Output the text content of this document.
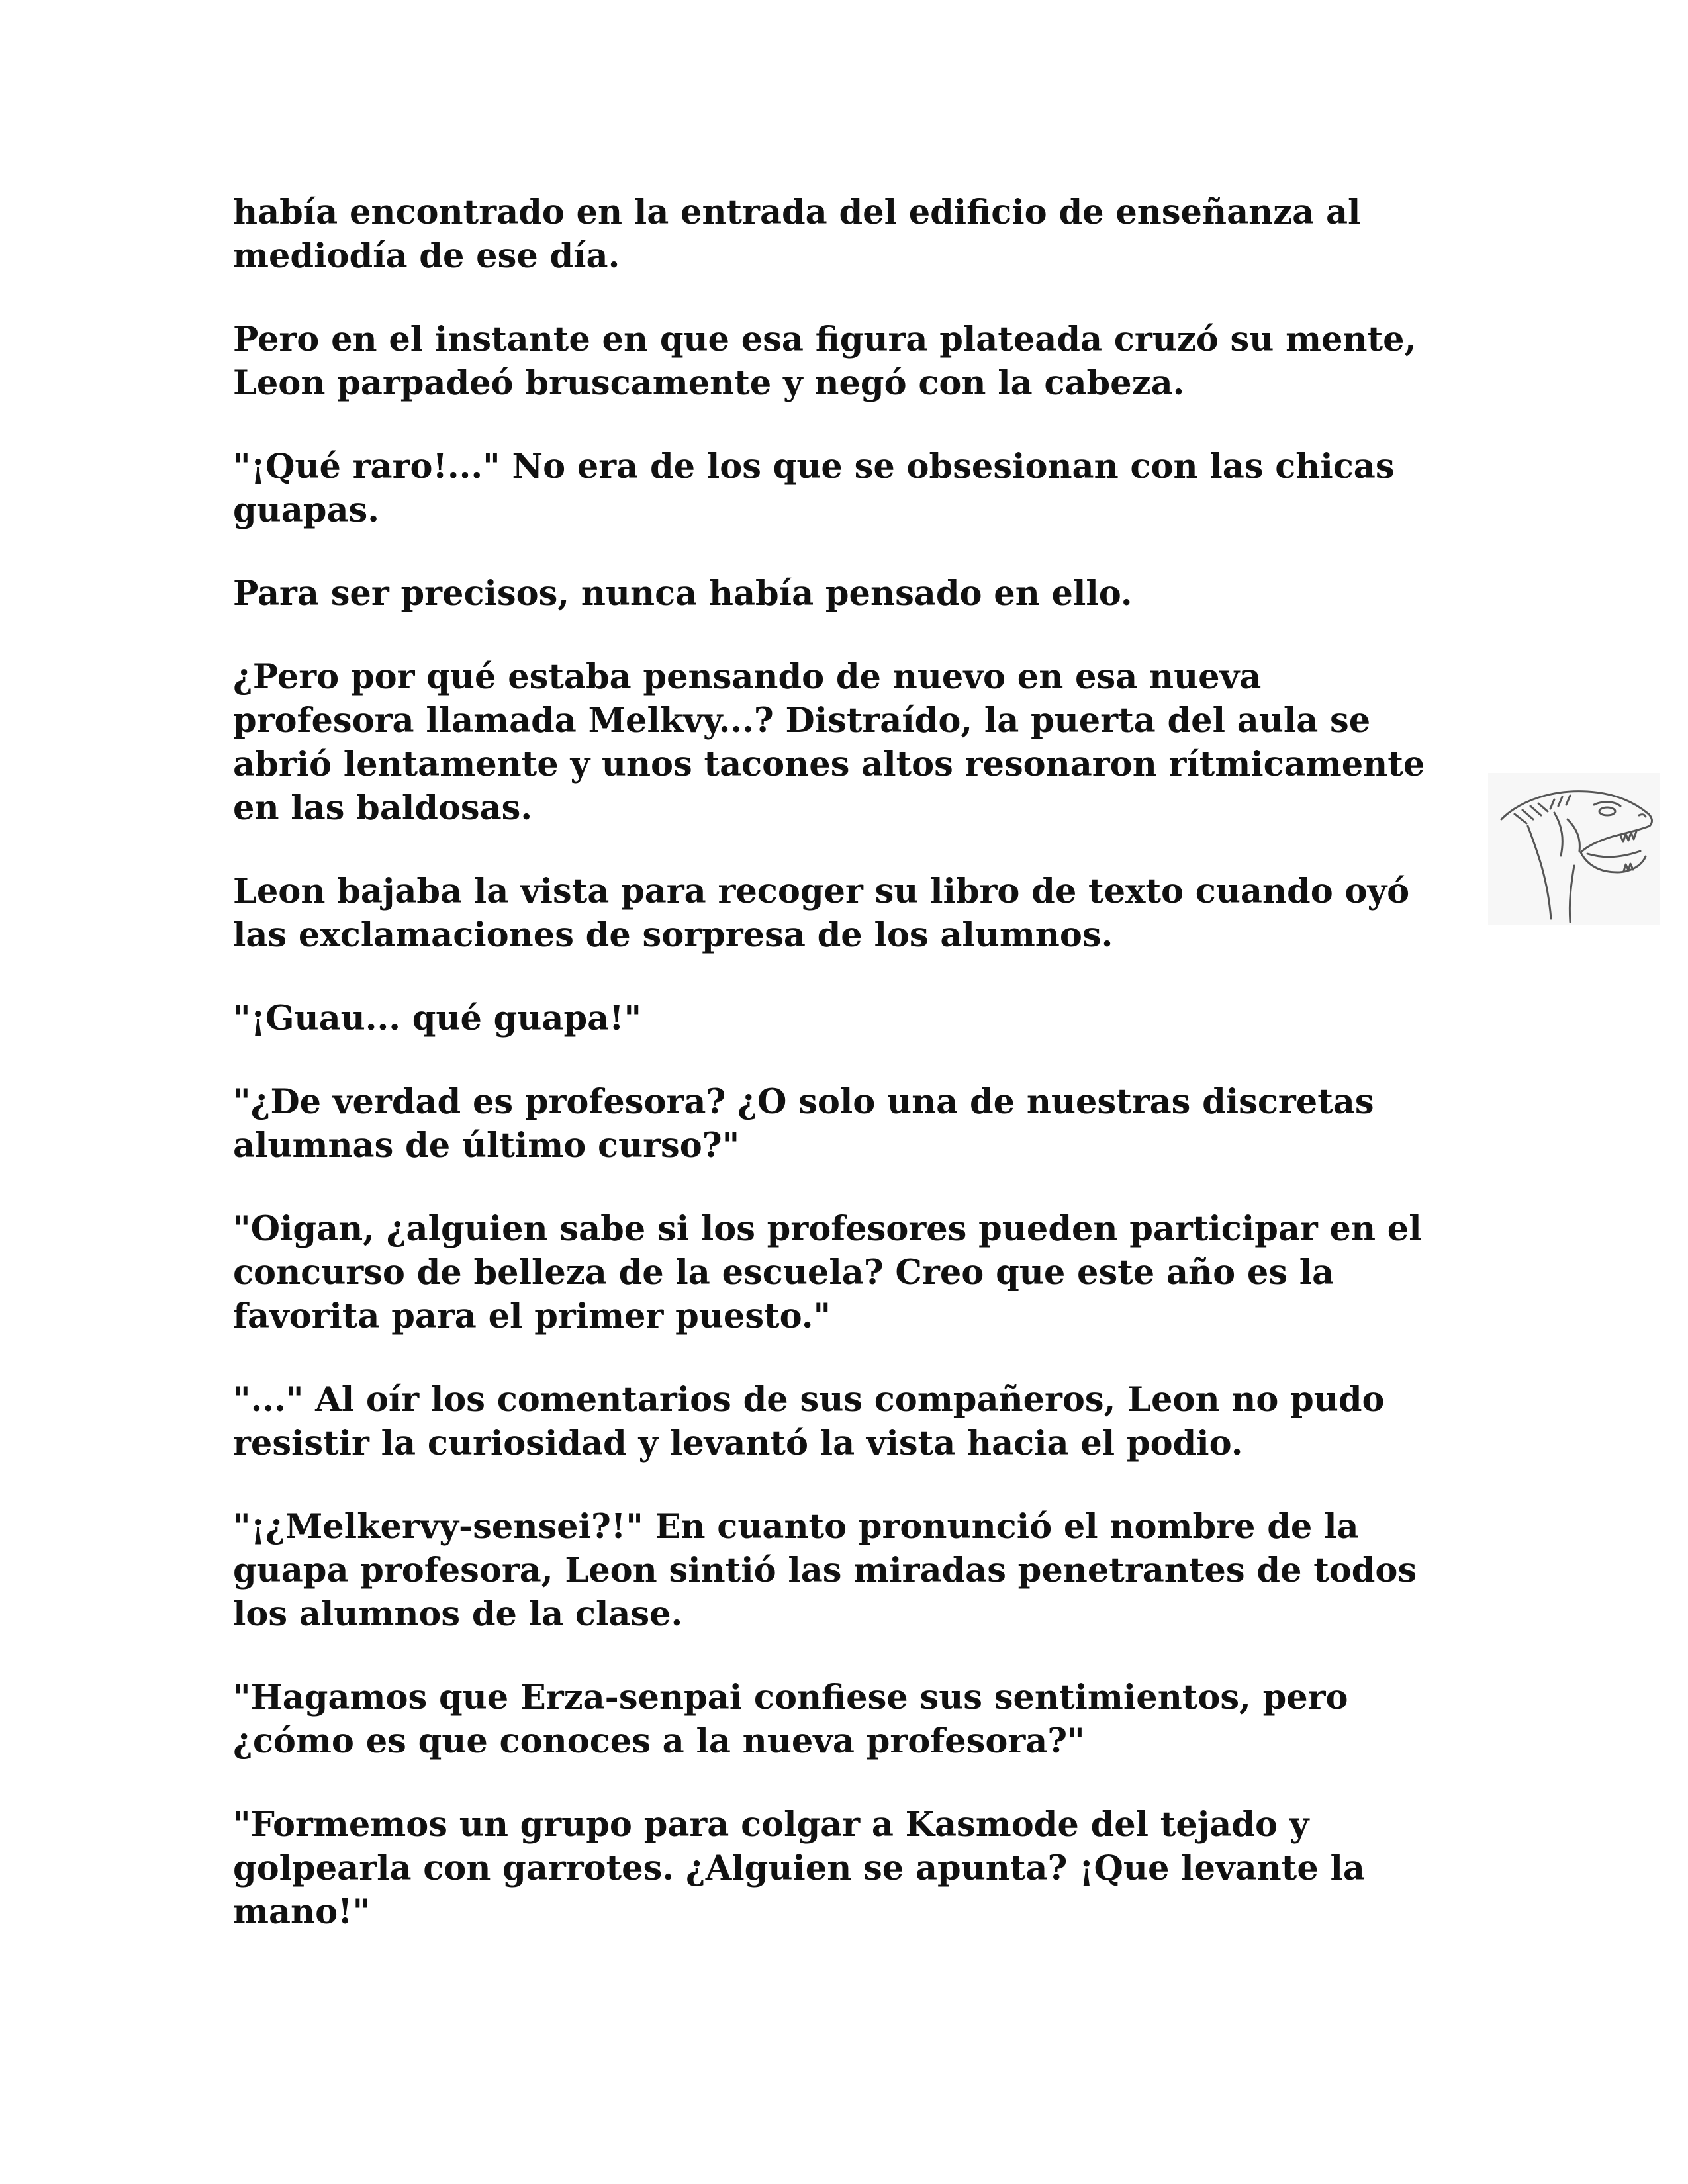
había encontrado en la entrada del edificio de enseñanza al mediodía de ese día.

Pero en el instante en que esa figura plateada cruzó su mente, Leon parpadeó bruscamente y negó con la cabeza.

"¡Qué raro!..." No era de los que se obsesionan con las chicas guapas.

Para ser precisos, nunca había pensado en ello.

¿Pero por qué estaba pensando de nuevo en esa nueva profesora llamada Melkvy...? Distraído, la puerta del aula se abrió lentamente y unos tacones altos resonaron rítmicamente en las baldosas.

Leon bajaba la vista para recoger su libro de texto cuando oyó las exclamaciones de sorpresa de los alumnos.

"¡Guau... qué guapa!"

"¿De verdad es profesora? ¿O solo una de nuestras discretas alumnas de último curso?"

"Oigan, ¿alguien sabe si los profesores pueden participar en el concurso de belleza de la escuela? Creo que este año es la favorita para el primer puesto."

"..." Al oír los comentarios de sus compañeros, Leon no pudo resistir la curiosidad y levantó la vista hacia el podio.

"¡¿Melkervy-sensei?!" En cuanto pronunció el nombre de la guapa profesora, Leon sintió las miradas penetrantes de todos los alumnos de la clase.

"Hagamos que Erza-senpai confiese sus sentimientos, pero ¿cómo es que conoces a la nueva profesora?"

"Formemos un grupo para colgar a Kasmode del tejado y golpearla con garrotes. ¿Alguien se apunta? ¡Que levante la mano!"
